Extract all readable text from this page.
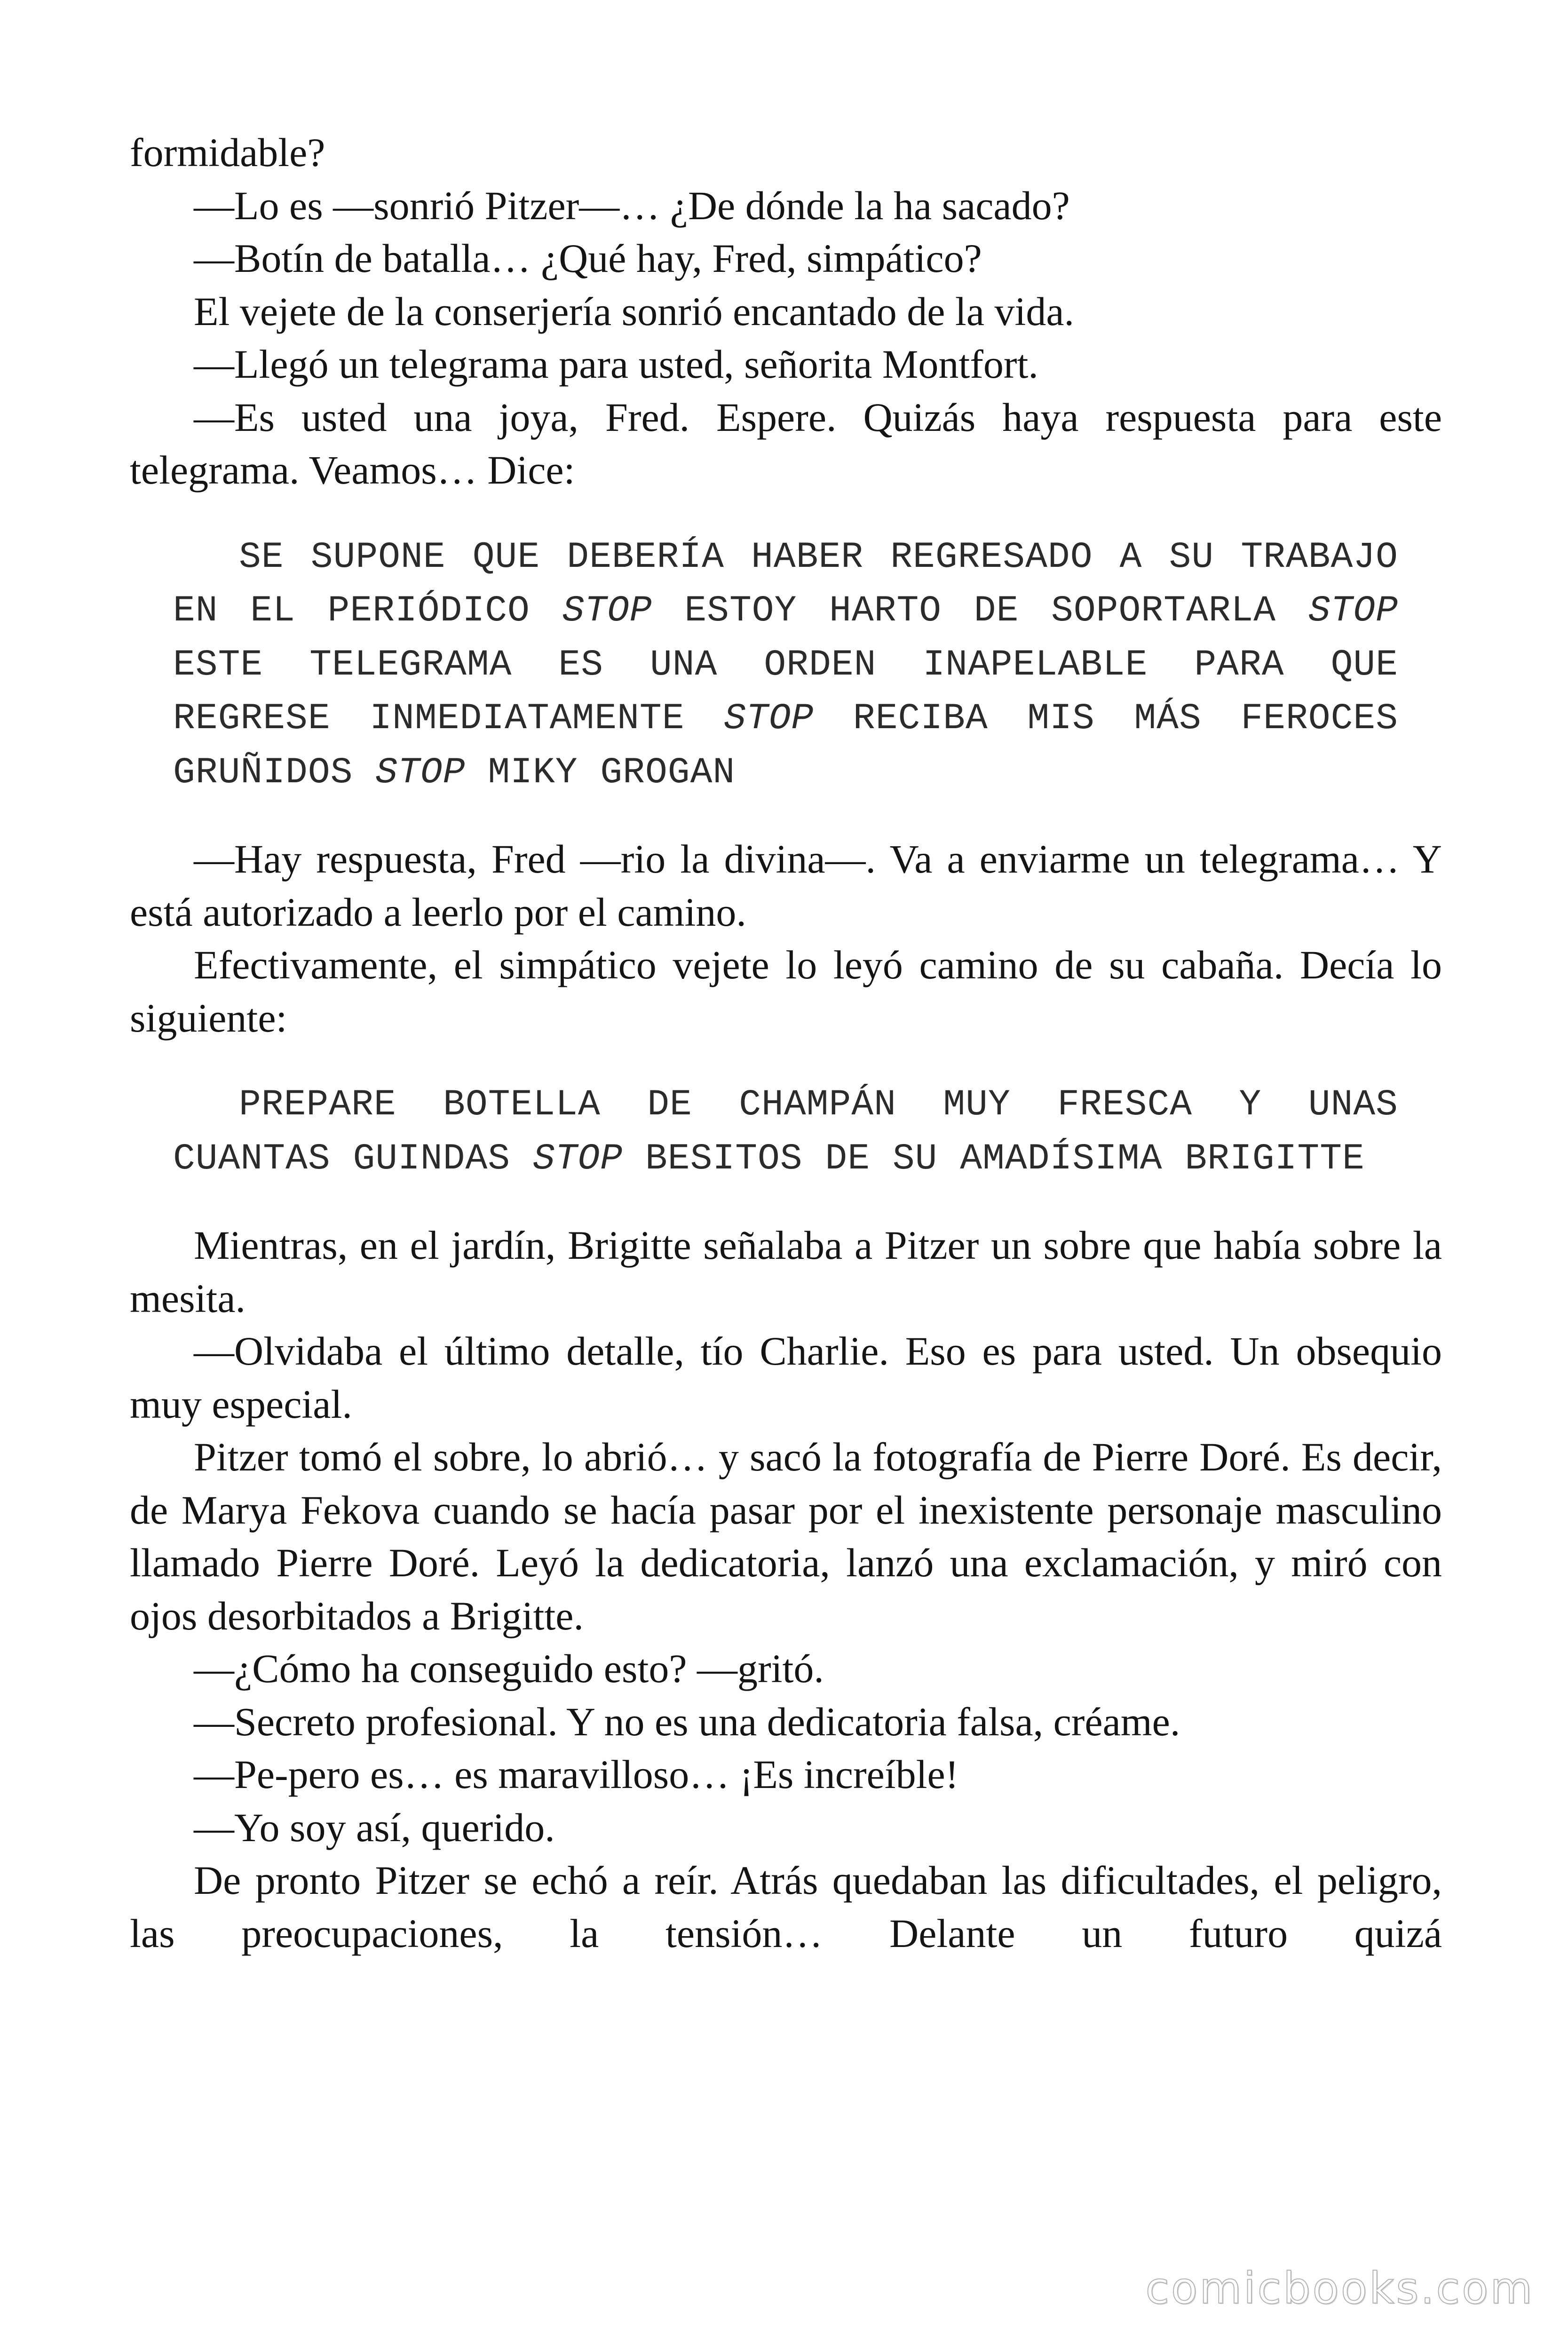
formidable?

—Lo es —sonrió Pitzer—… ¿De dónde la ha sacado?

—Botín de batalla… ¿Qué hay, Fred, simpático?

El vejete de la conserjería sonrió encantado de la vida.

—Llegó un telegrama para usted, señorita Montfort.

—Es usted una joya, Fred. Espere. Quizás haya respuesta para este telegrama. Veamos… Dice:

SE SUPONE QUE DEBERÍA HABER REGRESADO A SU TRABAJO EN EL PERIÓDICO STOP ESTOY HARTO DE SOPORTARLA STOP ESTE TELEGRAMA ES UNA ORDEN INAPELABLE PARA QUE REGRESE INMEDIATAMENTE STOP RECIBA MIS MÁS FEROCES GRUÑIDOS STOP MIKY GROGAN

—Hay respuesta, Fred —rio la divina—. Va a enviarme un telegrama… Y está autorizado a leerlo por el camino.

Efectivamente, el simpático vejete lo leyó camino de su cabaña. Decía lo siguiente:

PREPARE BOTELLA DE CHAMPÁN MUY FRESCA Y UNAS CUANTAS GUINDAS STOP BESITOS DE SU AMADÍSIMA BRIGITTE

Mientras, en el jardín, Brigitte señalaba a Pitzer un sobre que había sobre la mesita.

—Olvidaba el último detalle, tío Charlie. Eso es para usted. Un obsequio muy especial.

Pitzer tomó el sobre, lo abrió… y sacó la fotografía de Pierre Doré. Es decir, de Marya Fekova cuando se hacía pasar por el inexistente personaje masculino llamado Pierre Doré. Leyó la dedicatoria, lanzó una exclamación, y miró con ojos desorbitados a Brigitte.

—¿Cómo ha conseguido esto? —gritó.

—Secreto profesional. Y no es una dedicatoria falsa, créame.

—Pe-pero es… es maravilloso… ¡Es increíble!

—Yo soy así, querido.

De pronto Pitzer se echó a reír. Atrás quedaban las dificultades, el peligro, las preocupaciones, la tensión… Delante un futuro quizá

comicbooks.com
